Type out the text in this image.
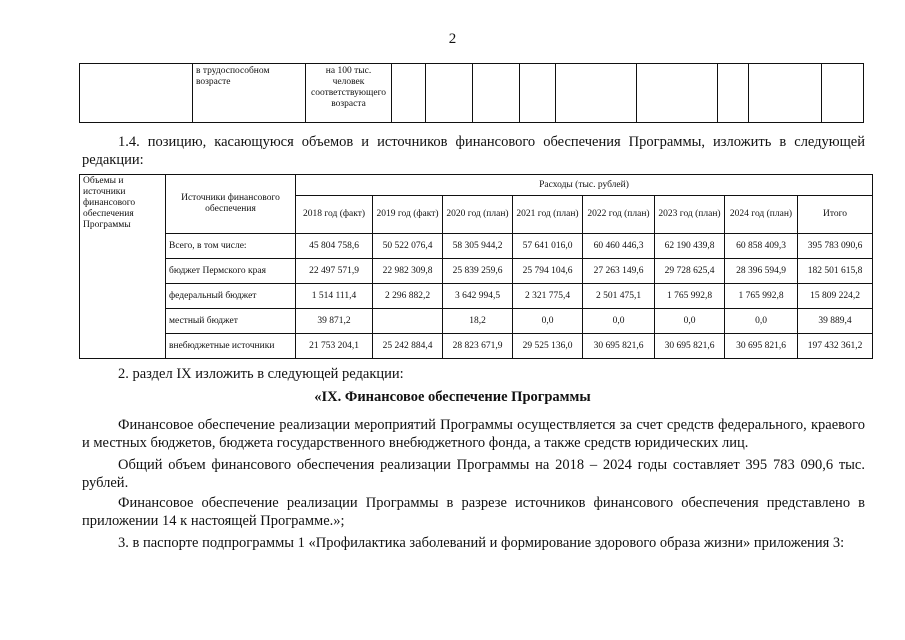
2
	в трудоспособном возрасте	на 100 тыс. человек соответствующего возраста									

1.4. позицию, касающуюся объемов и источников финансового обеспечения Программы, изложить в следующей редакции:

Объемы и источники финансового обеспечения Программы	Источники финансового обеспечения	Расходы (тыс. рублей)							
		2018 год (факт)	2019 год (факт)	2020 год (план)	2021 год (план)	2022 год (план)	2023 год (план)	2024 год (план)	Итого
	Всего, в том числе:	45 804 758,6	50 522 076,4	58 305 944,2	57 641 016,0	60 460 446,3	62 190 439,8	60 858 409,3	395 783 090,6
	бюджет Пермского края	22 497 571,9	22 982 309,8	25 839 259,6	25 794 104,6	27 263 149,6	29 728 625,4	28 396 594,9	182 501 615,8
	федеральный бюджет	1 514 111,4	2 296 882,2	3 642 994,5	2 321 775,4	2 501 475,1	1 765 992,8	1 765 992,8	15 809 224,2
	местный бюджет	39 871,2		18,2	0,0	0,0	0,0	0,0	39 889,4
	внебюджетные источники	21 753 204,1	25 242 884,4	28 823 671,9	29 525 136,0	30 695 821,6	30 695 821,6	30 695 821,6	197 432 361,2

2. раздел IX изложить в следующей редакции:

«IX. Финансовое обеспечение Программы

Финансовое обеспечение реализации мероприятий Программы осуществляется за счет средств федерального, краевого и местных бюджетов, бюджета государственного внебюджетного фонда, а также средств юридических лиц.

Общий объем финансового обеспечения реализации Программы на 2018 – 2024 годы составляет 395 783 090,6 тыс. рублей.

Финансовое обеспечение реализации Программы в разрезе источников финансового обеспечения представлено в приложении 14 к настоящей Программе.»;

3. в паспорте подпрограммы 1 «Профилактика заболеваний и формирование здорового образа жизни» приложения 3:
